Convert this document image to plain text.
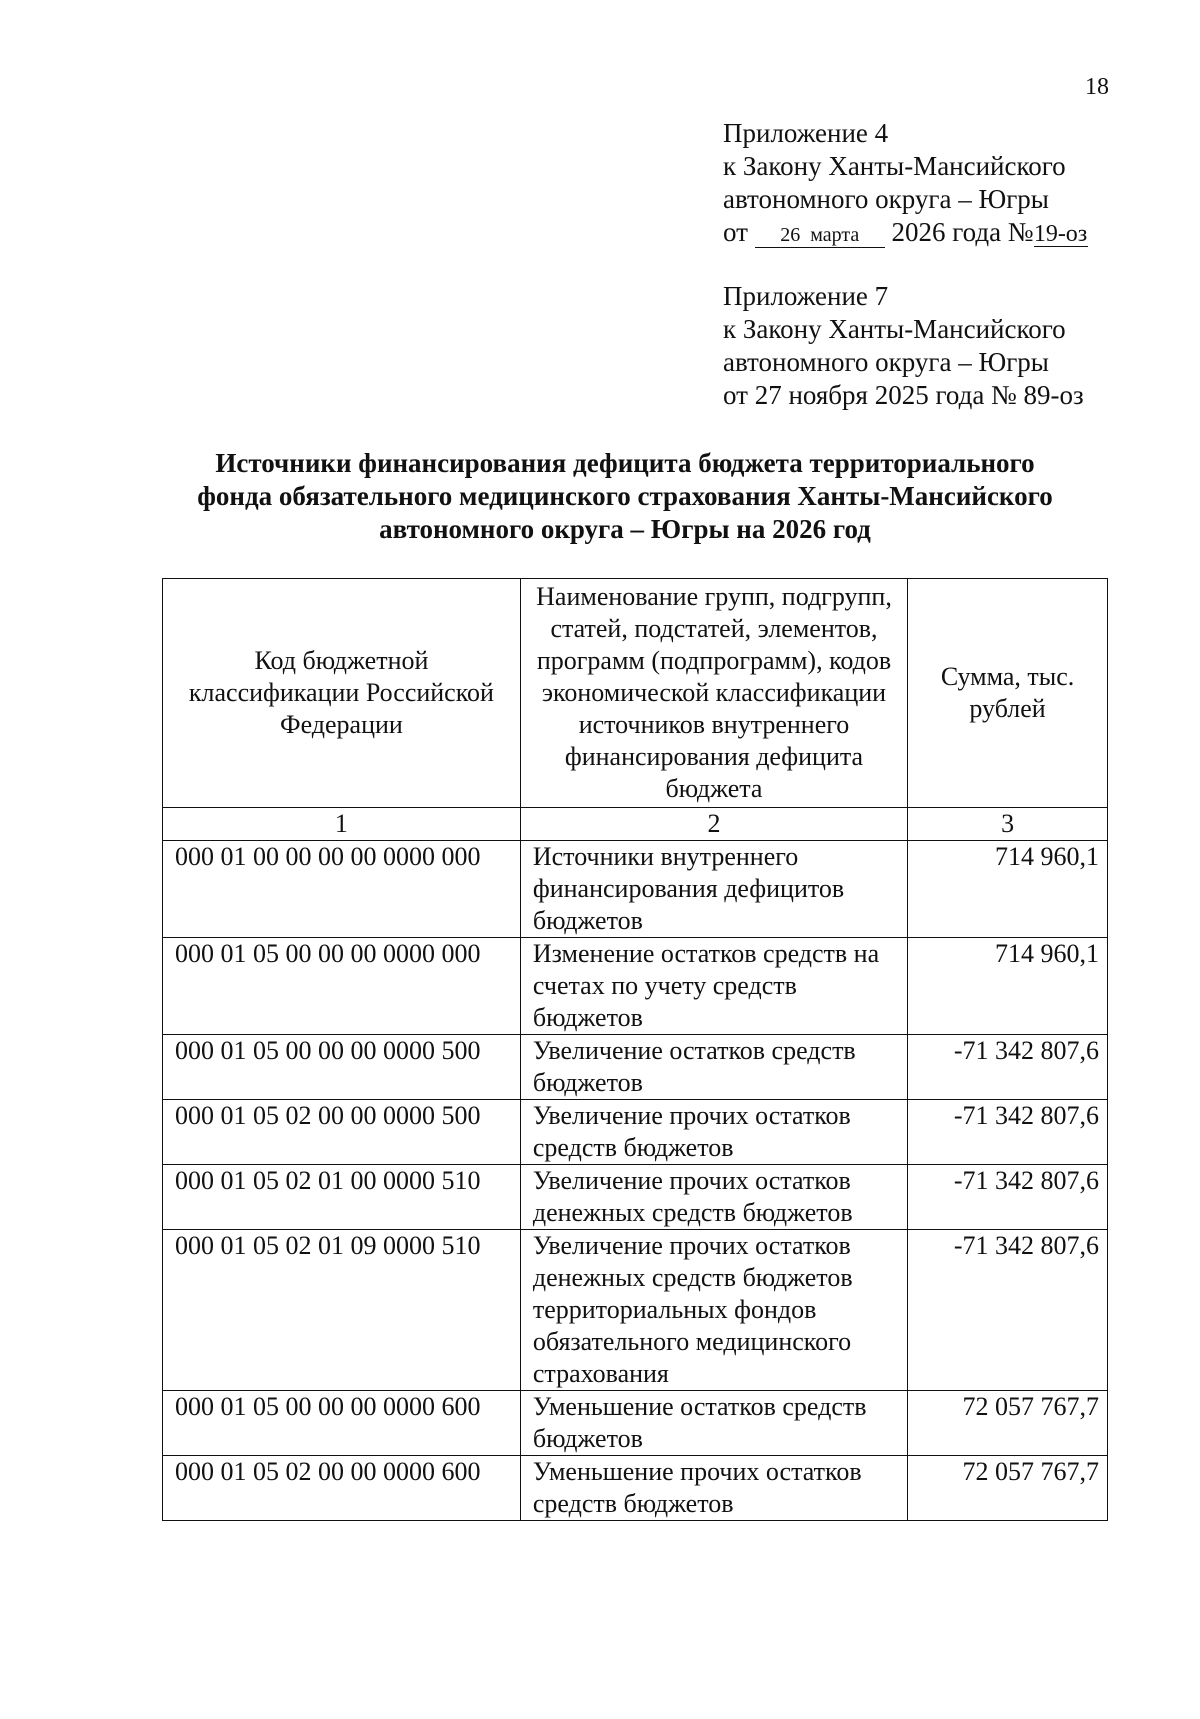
18
Приложение 4
к Закону Ханты-Мансийского
автономного округа – Югры
от 26 марта 2026 года №19-оз
Приложение 7
к Закону Ханты-Мансийского
автономного округа – Югры
от 27 ноября 2025 года № 89-оз
Источники финансирования дефицита бюджета территориального
фонда обязательного медицинского страхования Ханты-Мансийского
автономного округа – Югры на 2026 год
Код бюджетной классификации Российской Федерации	Наименование групп, подгрупп, статей, подстатей, элементов, программ (подпрограмм), кодов экономической классификации источников внутреннего финансирования дефицита бюджета	Сумма, тыс. рублей
1	2	3
000 01 00 00 00 00 0000 000	Источники внутреннего финансирования дефицитов бюджетов	714 960,1
000 01 05 00 00 00 0000 000	Изменение остатков средств на счетах по учету средств бюджетов	714 960,1
000 01 05 00 00 00 0000 500	Увеличение остатков средств бюджетов	-71 342 807,6
000 01 05 02 00 00 0000 500	Увеличение прочих остатков средств бюджетов	-71 342 807,6
000 01 05 02 01 00 0000 510	Увеличение прочих остатков денежных средств бюджетов	-71 342 807,6
000 01 05 02 01 09 0000 510	Увеличение прочих остатков денежных средств бюджетов территориальных фондов обязательного медицинского страхования	-71 342 807,6
000 01 05 00 00 00 0000 600	Уменьшение остатков средств бюджетов	72 057 767,7
000 01 05 02 00 00 0000 600	Уменьшение прочих остатков средств бюджетов	72 057 767,7
